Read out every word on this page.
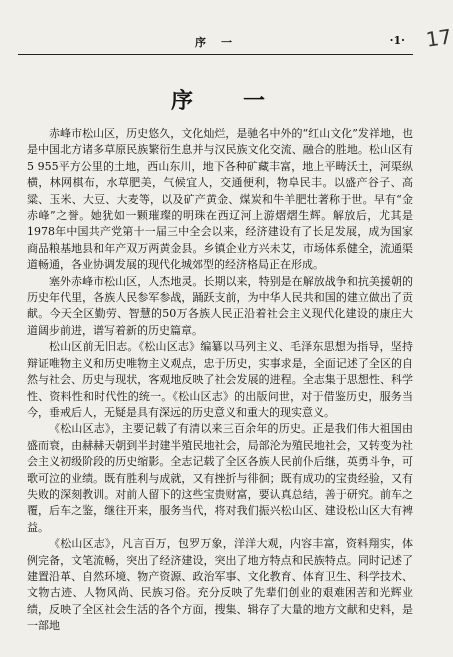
序　一	·1· 17
序　一

赤峰市松山区，历史悠久，文化灿烂，是驰名中外的“红山文化”发祥地，也是中国北方诸多草原民族繁衍生息并与汉民族文化交流、融合的胜地。松山区有5 955平方公里的土地，西山东川，地下各种矿藏丰富，地上平畴沃土，河渠纵横，林网棋布，水草肥美，气候宜人，交通便利，物阜民丰。以盛产谷子、高粱、玉米、大豆、大麦等，以及矿产黄金、煤炭和牛羊肥壮著称于世。早有“金赤峰”之誉。她犹如一颗璀璨的明珠在西辽河上游熠熠生辉。解放后，尤其是1978年中国共产党第十一届三中全会以来，经济建设有了长足发展，成为国家商品粮基地县和年产双万两黄金县。乡镇企业方兴未艾，市场体系健全，流通渠道畅通，各业协调发展的现代化城郊型的经济格局正在形成。

塞外赤峰市松山区，人杰地灵。长期以来，特别是在解放战争和抗美援朝的历史年代里，各族人民参军参战，踊跃支前，为中华人民共和国的建立做出了贡献。今天全区勤劳、智慧的50万各族人民正沿着社会主义现代化建设的康庄大道阔步前进，谱写着新的历史篇章。

松山区前无旧志。《松山区志》编纂以马列主义、毛泽东思想为指导，坚持辩证唯物主义和历史唯物主义观点，忠于历史，实事求是，全面记述了全区的自然与社会、历史与现状，客观地反映了社会发展的进程。全志集于思想性、科学性、资料性和时代性的统一。《松山区志》的出版问世，对于借鉴历史，服务当今，垂戒后人，无疑是具有深远的历史意义和重大的现实意义。

《松山区志》，主要记载了有清以来三百余年的历史。正是我们伟大祖国由盛而衰，由赫赫天朝到半封建半殖民地社会，局部沦为殖民地社会，又转变为社会主义初级阶段的历史缩影。全志记载了全区各族人民前仆后继，英勇斗争，可歌可泣的业绩。既有胜利与成就，又有挫折与徘徊；既有成功的宝贵经验，又有失败的深刻教训。对前人留下的这些宝贵财富，要认真总结，善于研究。前车之覆，后车之鉴，继往开来，服务当代，将对我们振兴松山区、建设松山区大有裨益。

《松山区志》，凡言百万，包罗万象，洋洋大观，内容丰富，资料翔实，体例完备，文笔流畅，突出了经济建设，突出了地方特点和民族特点。同时记述了建置沿革、自然环境、物产资源、政治军事、文化教育、体育卫生、科学技术、文物古迹、人物风尚、民族习俗。充分反映了先辈们创业的艰难困苦和光辉业绩，反映了全区社会生活的各个方面，搜集、辑存了大量的地方文献和史料，是一部地
